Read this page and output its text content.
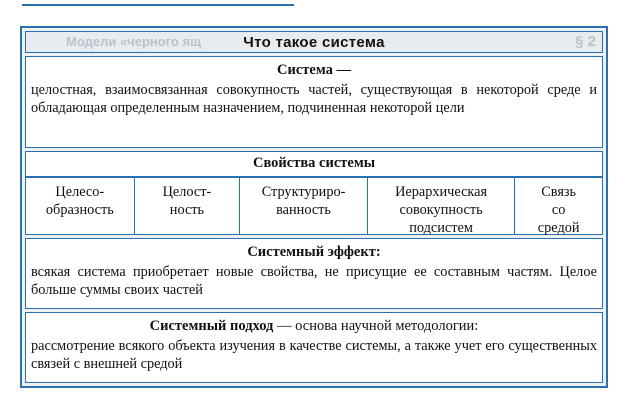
Модели «черного ящ	§ 2
Что такое система
Система —
целостная, взаимосвязанная совокупность частей, существующая в некоторой среде и обладающая определенным назначением, подчиненная некоторой цели
Свойства системы
Целесо-
образность
Целост-
ность
Структуриро-
ванность
Иерархическая
совокупность
подсистем
Связь
со
средой
Системный эффект:
всякая система приобретает новые свойства, не присущие ее составным частям. Целое больше суммы своих частей
Системный подход — основа научной методологии:
рассмотрение всякого объекта изучения в качестве системы, а также учет его существенных связей с внешней средой
